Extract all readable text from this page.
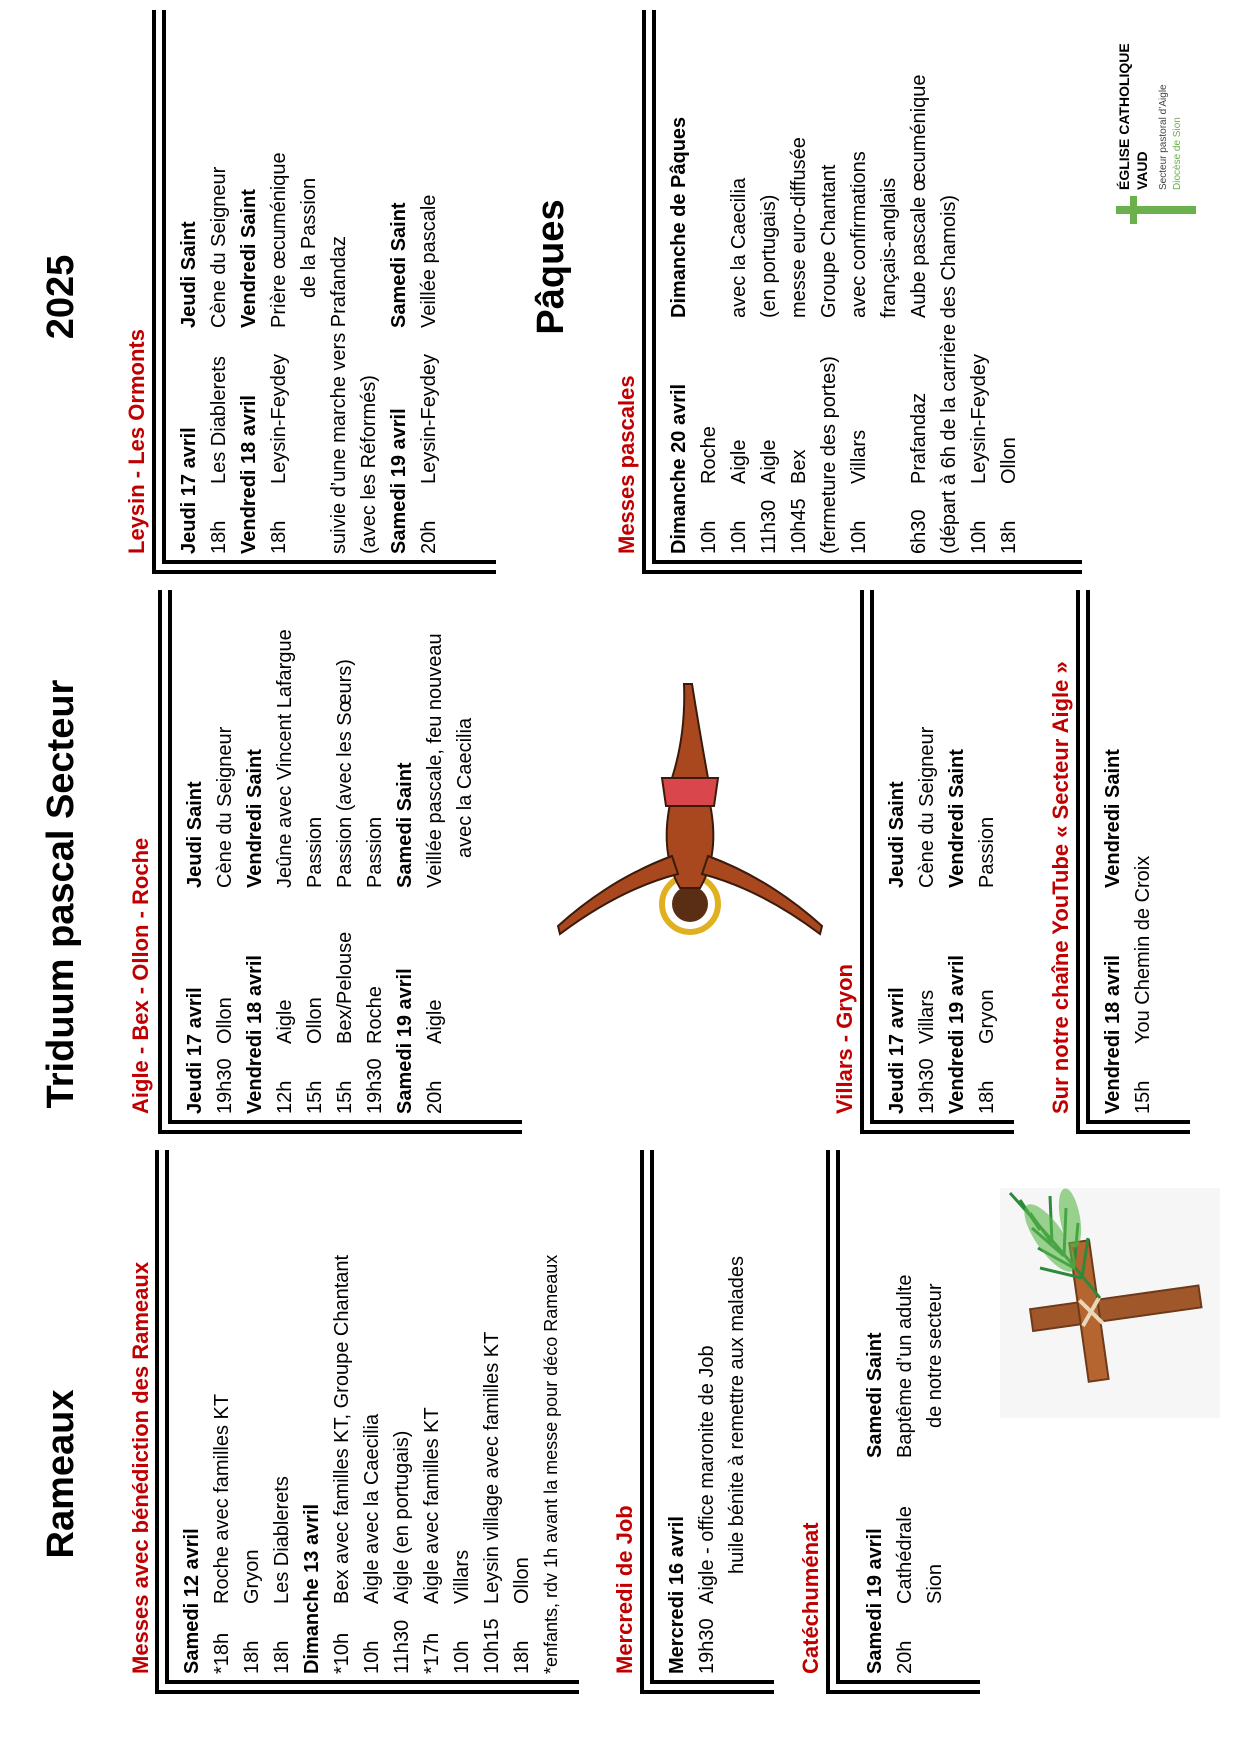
Rameaux
Triduum pascal Secteur
2025	Pâques
Messes avec bénédiction des Rameaux Samedi 12 avril *18h
Roche avec familles KT
18h
Gryon
18h
Les Diablerets Dimanche 13 avril *10h
Bex avec familles KT, Groupe Chantant
10h
Aigle avec la Caecilia
11h30
Aigle (en portugais)
*17h
Aigle avec familles KT
10h
Villars
10h15
Leysin village avec familles KT
18h
Ollon *enfants, rdv 1h avant la messe pour déco Rameaux Mercredi de Job Mercredi 16 avril 19h30
Aigle - office maronite de Job huile bénite à remettre aux malades
Catéchuménat Samedi 19 avril 20h
Cathédrale Sion
Samedi Saint Baptême d’un adulte de notre secteur
Aigle - Bex - Ollon - Roche Jeudi 17 avril 19h30
Ollon
Jeudi Saint Cène du Seigneur
Vendredi 18 avril 12h
Aigle
15h
Ollon
15h
Bex/Pelouse
19h30
Roche
Vendredi Saint Jeûne avec Vincent Lafargue Passion Passion (avec les Sœurs) Passion
Samedi 19 avril 20h
Aigle
Samedi Saint Veillée pascale, feu nouveau avec la Caecilia
Villars - Gryon Jeudi 17 avril 19h30
Villars Vendredi 19 avril 18h
Gryon
Jeudi Saint Cène du Seigneur Vendredi Saint Passion Sur notre chaîne YouTube « Secteur Aigle » Vendredi 18 avril 15h
You Chemin de Croix
Vendredi Saint
Leysin - Les Ormonts Jeudi 17 avril 18h
Les Diablerets Vendredi 18 avril 18h
Leysin-Feydey
Jeudi Saint Cène du Seigneur Vendredi Saint Prière œcuménique de la Passion suivie d’une marche vers Prafandaz (avec les Réformés) Samedi 19 avril 20h
Leysin-Feydey
Samedi Saint Veillée pascale
Messes pascales Dimanche 20 avril
Dimanche de Pâques
10h
Roche
10h
Aigle
avec la Caecilia
11h30
Aigle
(en portugais)
10h45
Bex
messe euro-diffusée
(fermeture des portes)
Groupe Chantant
10h
Villars
avec confirmations français-anglais
6h30
Prafandaz
Aube pascale œcuménique (départ à 6h de la carrière des Chamois) 10h
Leysin-Feydey
18h
Ollon
ÉGLISE CATHOLIQUE VAUD Secteur pastoral d’Aigle Diocèse de Sion
